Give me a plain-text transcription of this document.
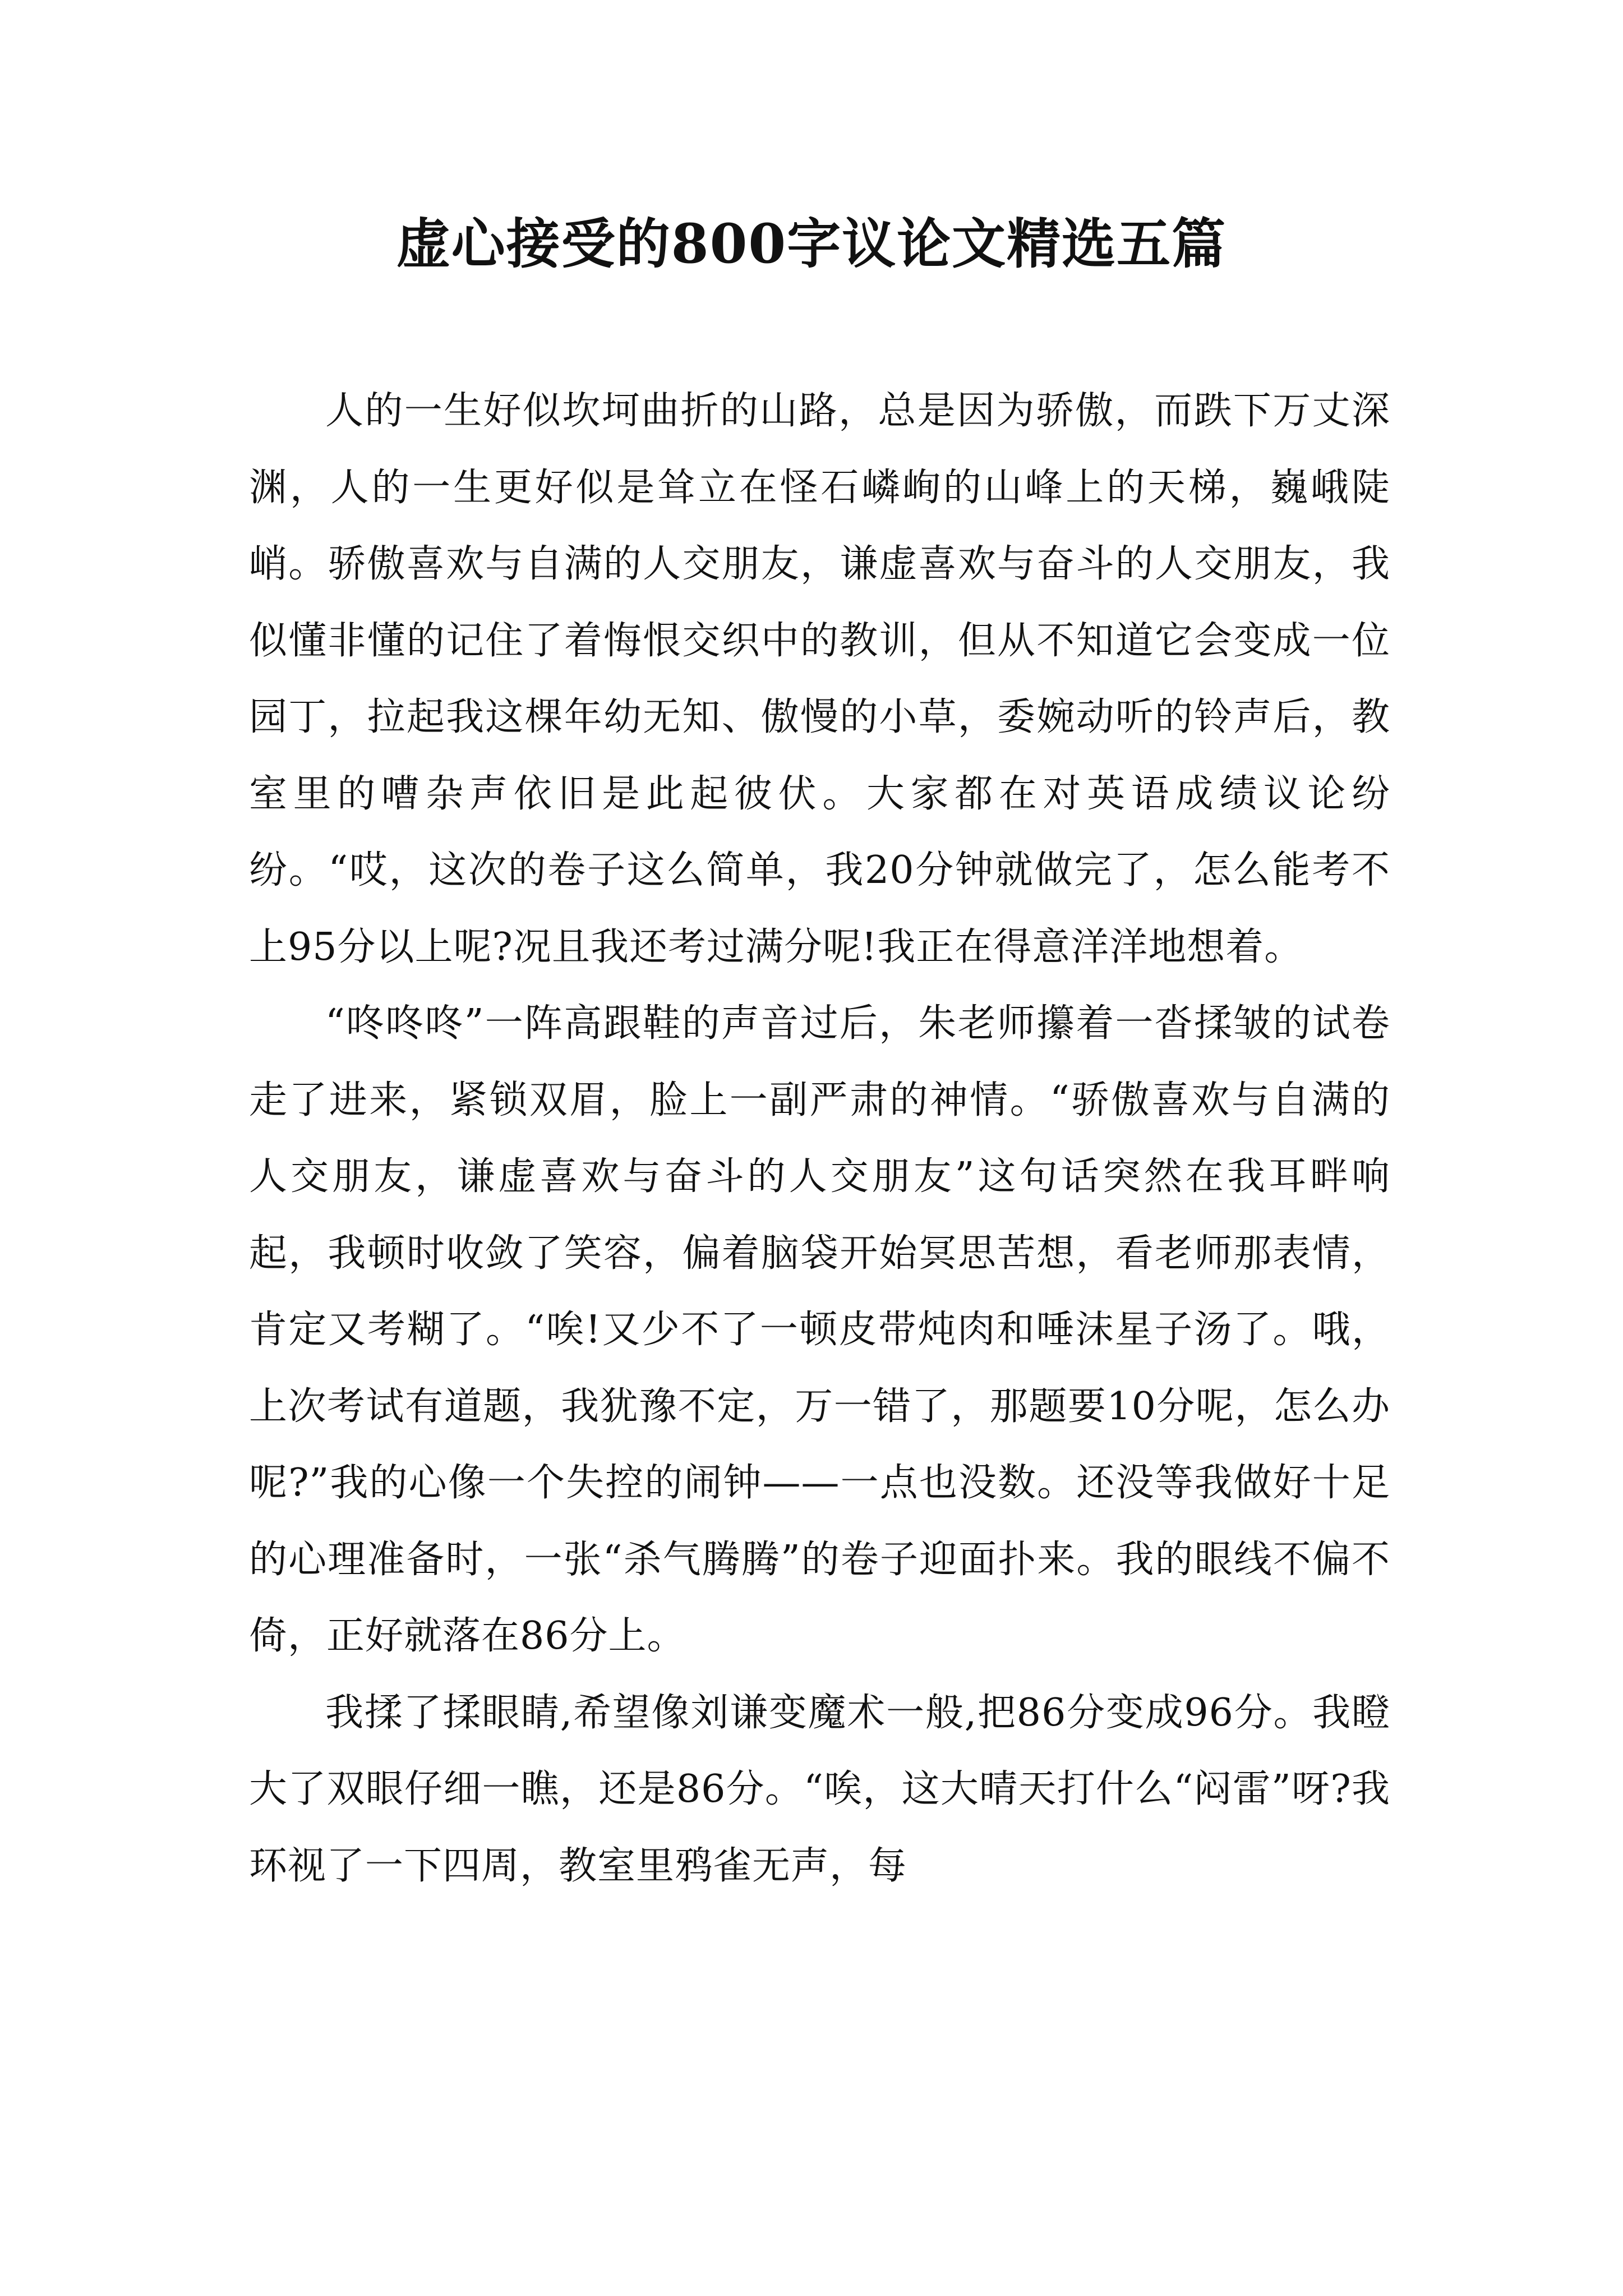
虚心接受的800字议论文精选五篇

人的一生好似坎坷曲折的山路，总是因为骄傲，而跌下万丈深渊，人的一生更好似是耸立在怪石嶙峋的山峰上的天梯，巍峨陡峭。骄傲喜欢与自满的人交朋友，谦虚喜欢与奋斗的人交朋友，我似懂非懂的记住了着悔恨交织中的教训，但从不知道它会变成一位园丁，拉起我这棵年幼无知、傲慢的小草，委婉动听的铃声后，教室里的嘈杂声依旧是此起彼伏。大家都在对英语成绩议论纷纷。“哎，这次的卷子这么简单，我20分钟就做完了，怎么能考不上95分以上呢?况且我还考过满分呢!我正在得意洋洋地想着。

“咚咚咚”一阵高跟鞋的声音过后，朱老师攥着一沓揉皱的试卷走了进来，紧锁双眉，脸上一副严肃的神情。“骄傲喜欢与自满的人交朋友，谦虚喜欢与奋斗的人交朋友”这句话突然在我耳畔响起，我顿时收敛了笑容，偏着脑袋开始冥思苦想，看老师那表情，肯定又考糊了。“唉!又少不了一顿皮带炖肉和唾沫星子汤了。哦，上次考试有道题，我犹豫不定，万一错了，那题要10分呢，怎么办呢?”我的心像一个失控的闹钟——一点也没数。还没等我做好十足的心理准备时，一张“杀气腾腾”的卷子迎面扑来。我的眼线不偏不倚，正好就落在86分上。

我揉了揉眼睛,希望像刘谦变魔术一般,把86分变成96分。我瞪大了双眼仔细一瞧，还是86分。“唉，这大晴天打什么“闷雷”呀?我环视了一下四周，教室里鸦雀无声，每
